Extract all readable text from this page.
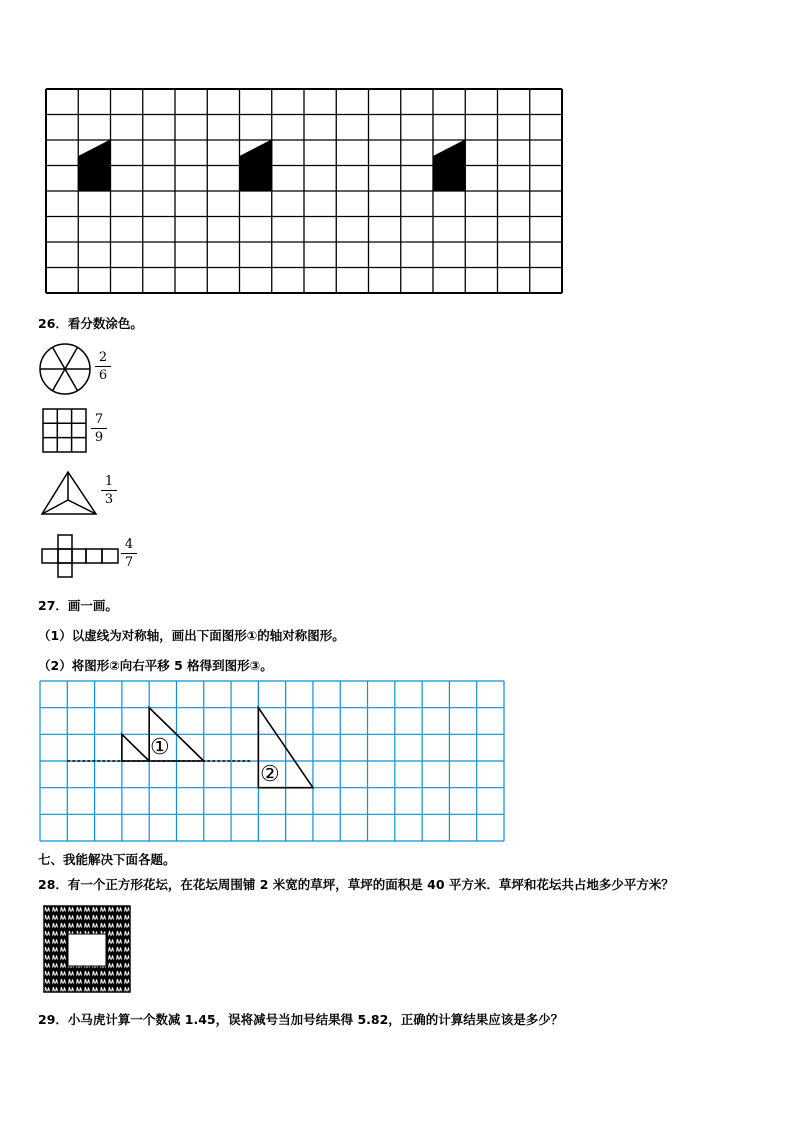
26．看分数涂色。
2
6
7
9
1
3
4
7
27．画一画。
（1）以虚线为对称轴，画出下面图形①的轴对称图形。
（2）将图形②向右平移 5 格得到图形③。
①
②
七、我能解决下面各题。
28．有一个正方形花坛，在花坛周围铺 2 米宽的草坪，草坪的面积是 40 平方米．草坪和花坛共占地多少平方米？
29．小马虎计算一个数减 1.45，误将减号当加号结果得 5.82，正确的计算结果应该是多少？
